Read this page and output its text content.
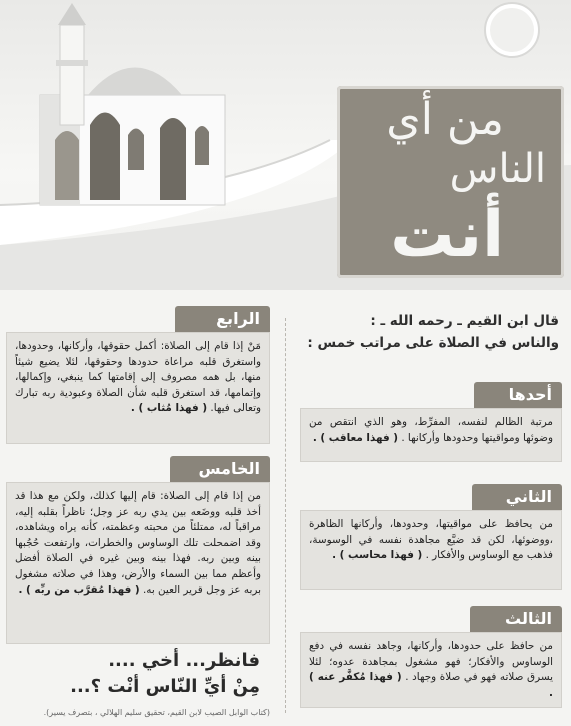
من أي
الناس
أنت
قال ابن القيم ـ رحمه الله ـ :
والناس في الصلاة على مراتب خمس :
أحدها
مرتبة الظالم لنفسه، المفرِّط، وهو الذي انتقص من وضوئها ومواقيتها وحدودها وأركانها . ( فهذا معاقب ) .
الثاني
من يحافظ على مواقيتها، وحدودها، وأركانها الظاهرة ،ووضوئها، لكن قد ضيَّع مجاهدة نفسه في الوسوسة، فذهب مع الوساوس والأفكار . ( فهذا محاسب ) .
الثالث
من حافظ على حدودها، وأركانها، وجاهد نفسه في دفع الوساوس والأفكار؛ فهو مشغول بمجاهدة عدوه؛ لئلا يسرق صلاته فهو في صلاة وجهاد . ( فهذا مُكفَّر عنه ) .
الرابع
مَنْ إذا قام إلى الصلاة: أكمل حقوقها، وأركانها، وحدودها، واستغرق قلبه مراعاة حدودها وحقوقها، لئلا يضيع شيئاً منها، بل همه مصروف إلى إقامتها كما ينبغي، وإكمالها، وإتمامها، قد استغرق قلبه شأن الصلاة وعبودية ربه تبارك وتعالى فيها. ( فهذا مُثاب ) .
الخامس
من إذا قام إلى الصلاة: قام إليها كذلك، ولكن مع هذا قد أخذ قلبه ووضَعه بين يدي ربه عز وجل؛ ناظراً بقلبه إليه، مراقباً له، ممتلئاً من محبته وعظمته، كأنه يراه ويشاهده، وقد اضمحلت تلك الوساوس والخطرات، وارتفعت حُجُبها بينه وبين ربه. فهذا بينه وبين غيره في الصلاة أفضل وأعظم مما بين السماء والأرض، وهذا في صلاته مشغول بربه عز وجل قرير العين به. ( فهذا مُقرَّب من ربِّه ) .
فانظر... أخي ....
مِنْ أيِّ النّاس أنْت ؟...
(كتاب الوابل الصيب لابن القيم، تحقيق سليم الهلالي ، بتصرف يسير).
